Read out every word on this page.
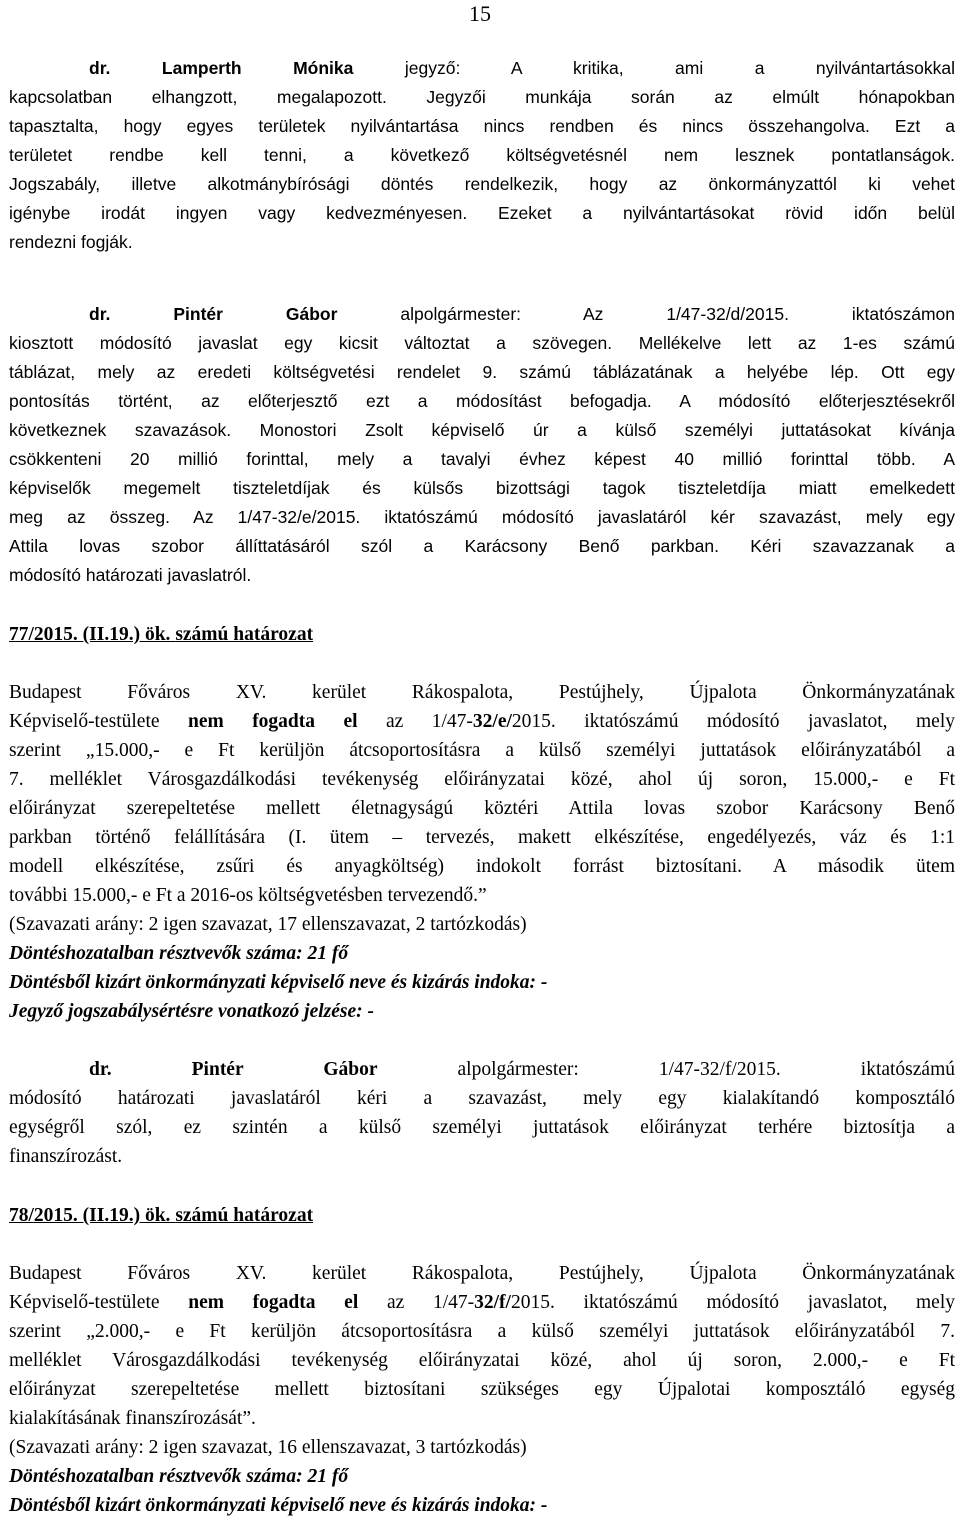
15
dr.	Lamperth Mónika	jegyző: A kritika, ami a nyilvántartásokkal
kapcsolatban elhangzott, megalapozott. Jegyzői munkája során az elmúlt hónapokban
tapasztalta, hogy egyes területek nyilvántartása nincs rendben és nincs összehangolva. Ezt a
területet rendbe kell tenni, a következő költségvetésnél nem lesznek pontatlanságok.
Jogszabály, illetve alkotmánybírósági döntés rendelkezik, hogy az önkormányzattól ki vehet
igénybe irodát ingyen vagy kedvezményesen. Ezeket a nyilvántartásokat rövid időn belül
rendezni fogják.
dr.	Pintér Gábor	alpolgármester: Az 1/47-32/d/2015. iktatószámon
kiosztott módosító javaslat egy kicsit változtat a szövegen. Mellékelve lett az 1-es számú
táblázat, mely az eredeti költségvetési rendelet 9. számú táblázatának a helyébe lép. Ott egy
pontosítás történt, az előterjesztő ezt a módosítást befogadja. A módosító előterjesztésekről
következnek szavazások. Monostori Zsolt képviselő úr a külső személyi juttatásokat kívánja
csökkenteni 20 millió forinttal, mely a tavalyi évhez képest 40 millió forinttal több. A
képviselők megemelt tiszteletdíjak és külsős bizottsági tagok tiszteletdíja miatt emelkedett
meg az összeg. Az 1/47-32/e/2015. iktatószámú módosító javaslatáról kér szavazást, mely egy
Attila lovas szobor állíttatásáról szól a Karácsony Benő parkban. Kéri szavazzanak a
módosító határozati javaslatról.
77/2015. (II.19.) ök. számú határozat
Budapest Főváros XV. kerület Rákospalota, Pestújhely, Újpalota Önkormányzatának
Képviselő-testülete nem fogadta el az 1/47-32/e/2015. iktatószámú módosító javaslatot, mely
szerint „15.000,- e Ft kerüljön átcsoportosításra a külső személyi juttatások előirányzatából a
7. melléklet Városgazdálkodási tevékenység előirányzatai közé, ahol új soron, 15.000,- e Ft
előirányzat szerepeltetése mellett életnagyságú köztéri Attila lovas szobor Karácsony Benő
parkban történő felállítására (I. ütem – tervezés, makett elkészítése, engedélyezés, váz és 1:1
modell elkészítése, zsűri és anyagköltség) indokolt forrást biztosítani. A második ütem
további 15.000,- e Ft a 2016-os költségvetésben tervezendő.”
(Szavazati arány: 2 igen szavazat, 17 ellenszavazat, 2 tartózkodás)
Döntéshozatalban résztvevők száma: 21 fő
Döntésből kizárt önkormányzati képviselő neve és kizárás indoka: -
Jegyző jogszabálysértésre vonatkozó jelzése: -
dr.	Pintér Gábor	alpolgármester: 1/47-32/f/2015. iktatószámú
módosító határozati javaslatáról kéri a szavazást, mely egy kialakítandó komposztáló
egységről szól, ez szintén a külső személyi juttatások előirányzat terhére biztosítja a
finanszírozást.
78/2015. (II.19.) ök. számú határozat
Budapest Főváros XV. kerület Rákospalota, Pestújhely, Újpalota Önkormányzatának
Képviselő-testülete nem fogadta el az 1/47-32/f/2015. iktatószámú módosító javaslatot, mely
szerint „2.000,- e Ft kerüljön átcsoportosításra a külső személyi juttatások előirányzatából 7.
melléklet Városgazdálkodási tevékenység előirányzatai közé, ahol új soron, 2.000,- e Ft
előirányzat szerepeltetése mellett biztosítani szükséges egy Újpalotai komposztáló egység
kialakításának finanszírozását”.
(Szavazati arány: 2 igen szavazat, 16 ellenszavazat, 3 tartózkodás)
Döntéshozatalban résztvevők száma: 21 fő
Döntésből kizárt önkormányzati képviselő neve és kizárás indoka: -
